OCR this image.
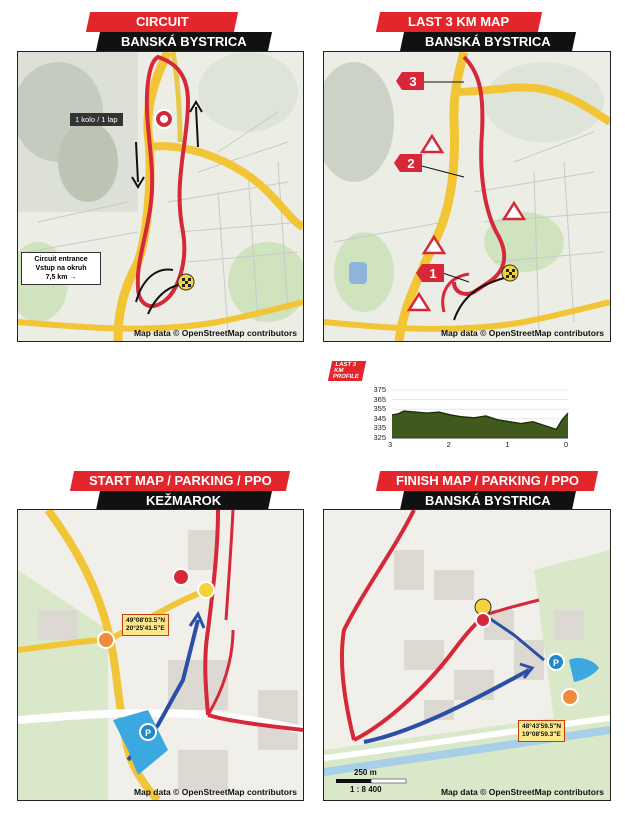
CIRCUIT
BANSKÁ BYSTRICA
1 kolo / 1 lap
Circuit entrance
Vstup na okruh
7,5 km →
Map data © OpenStreetMap contributors
LAST 3 KM MAP
BANSKÁ BYSTRICA
3
2
1
Map data © OpenStreetMap contributors
LAST 3 KM PROFILE
375
365
355
345
335
325
3	2	1	0
START MAP / PARKING / PPO
KEŽMAROK
P
49°08'03.5"N
20°25'41.5"E
Map data © OpenStreetMap contributors
FINISH MAP / PARKING / PPO
BANSKÁ BYSTRICA
P
48°43'59.5"N
19°08'59.3"E
250 m
1 : 8 400	Map data © OpenStreetMap contributors
